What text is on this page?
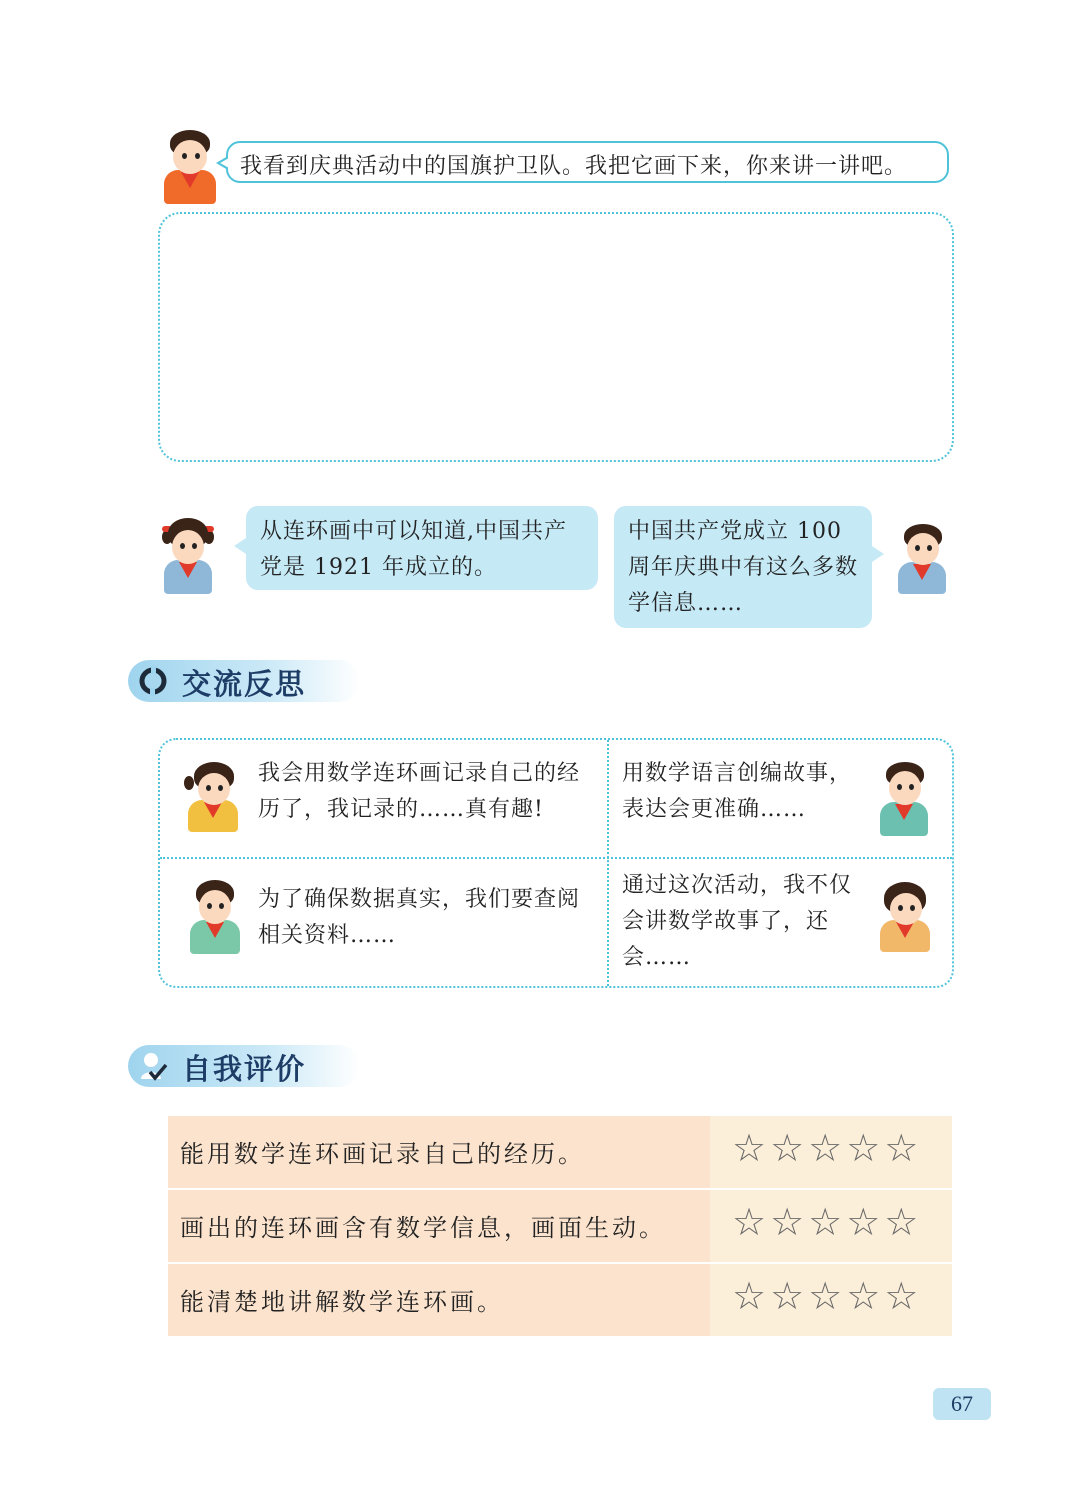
我看到庆典活动中的国旗护卫队。我把它画下来，你来讲一讲吧。
从连环画中可以知道,中国共产党是 1921 年成立的。
中国共产党成立 100 周年庆典中有这么多数学信息……
交流反思
我会用数学连环画记录自己的经历了，我记录的……真有趣!
用数学语言创编故事，表达会更准确……
为了确保数据真实，我们要查阅相关资料……
通过这次活动，我不仅会讲数学故事了，还会……
自我评价
能用数学连环画记录自己的经历。	☆☆☆☆☆
画出的连环画含有数学信息，画面生动。 ☆☆☆☆☆
能清楚地讲解数学连环画。	☆☆☆☆☆
67
